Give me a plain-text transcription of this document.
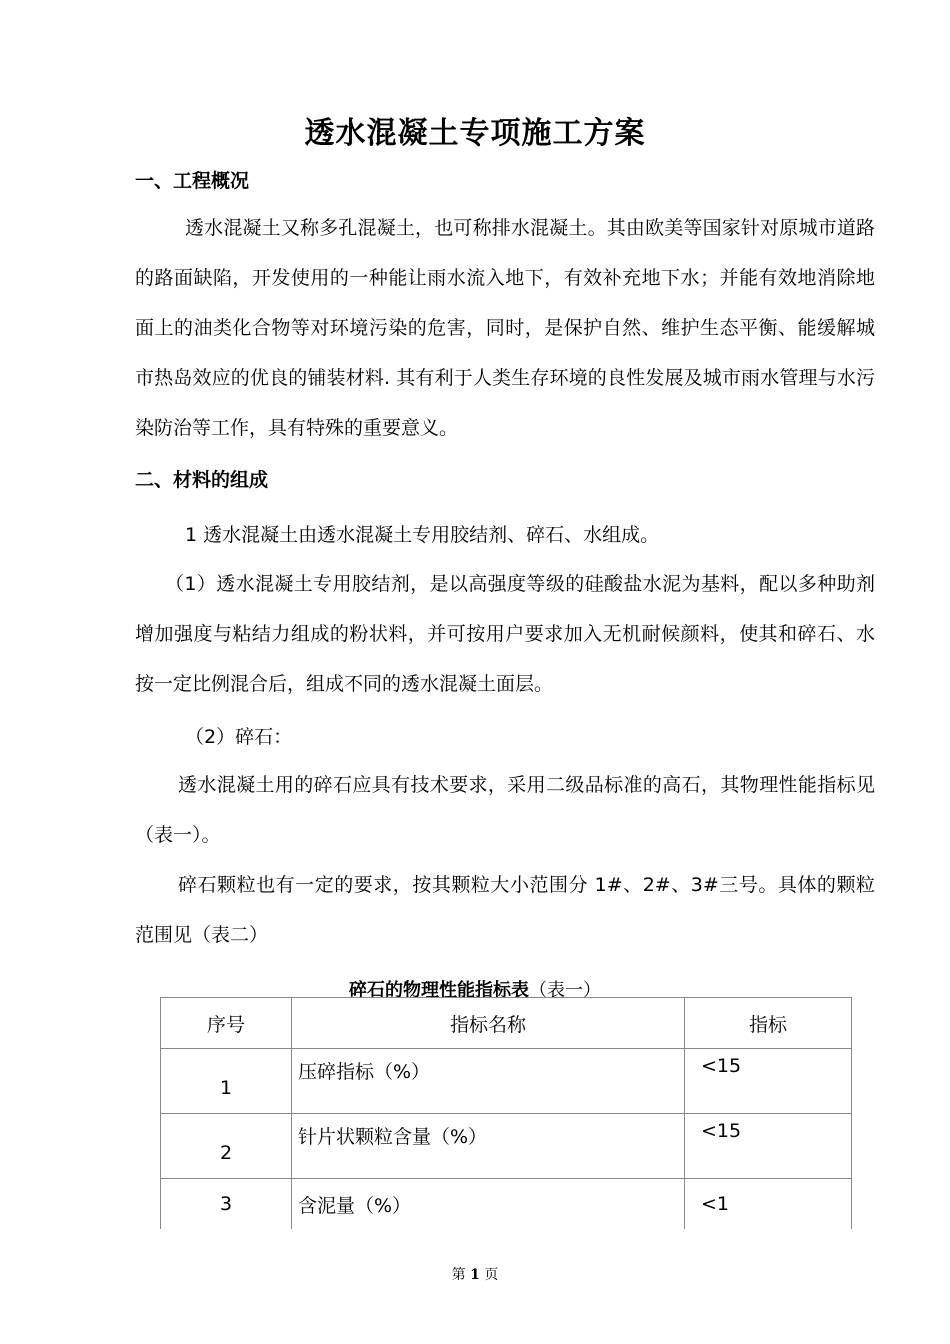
透水混凝土专项施工方案
一、工程概况

透水混凝土又称多孔混凝土，也可称排水混凝土。其由欧美等国家针对原城市道路的路面缺陷，开发使用的一种能让雨水流入地下，有效补充地下水；并能有效地消除地面上的油类化合物等对环境污染的危害，同时，是保护自然、维护生态平衡、能缓解城市热岛效应的优良的铺装材料. 其有利于人类生存环境的良性发展及城市雨水管理与水污染防治等工作，具有特殊的重要意义。

二、材料的组成
1 透水混凝土由透水混凝土专用胶结剂、碎石、水组成。

（1）透水混凝土专用胶结剂，是以高强度等级的硅酸盐水泥为基料，配以多种助剂增加强度与粘结力组成的粉状料，并可按用户要求加入无机耐候颜料，使其和碎石、水按一定比例混合后，组成不同的透水混凝土面层。

（2）碎石：

透水混凝土用的碎石应具有技术要求，采用二级品标准的高石，其物理性能指标见（表一）。

碎石颗粒也有一定的要求，按其颗粒大小范围分 1#、2#、3#三号。具体的颗粒范围见（表二）

碎石的物理性能指标表（表一）
序号	指标名称	指标
1	压碎指标（%）	<15
2	针片状颗粒含量（%）	<15
3	含泥量（%）	<1
第 1 页
